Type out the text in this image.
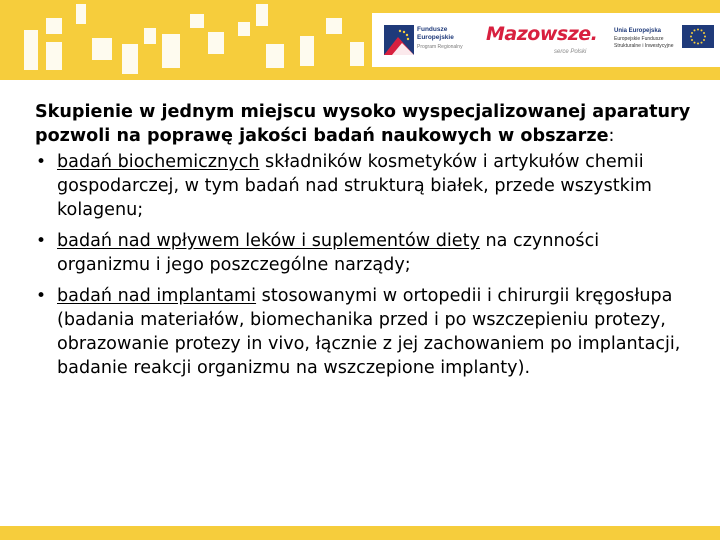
Fundusze
Europejskie
Program Regionalny
Mazowsze.
serce Polski
Unia Europejska
Europejskie Fundusze
Strukturalne i Inwestycyjne

Skupienie w jednym miejscu wysoko wyspecjalizowanej aparatury pozwoli na poprawę jakości badań naukowych w obszarze:

• badań biochemicznych składników kosmetyków i artykułów chemii gospodarczej, w tym badań nad strukturą białek, przede wszystkim kolagenu;
• badań nad wpływem leków i suplementów diety na czynności organizmu i jego poszczególne narządy;
• badań nad implantami stosowanymi w ortopedii i chirurgii kręgosłupa (badania materiałów, biomechanika przed i po wszczepieniu protezy, obrazowanie protezy in vivo, łącznie z jej zachowaniem po implantacji, badanie reakcji organizmu na wszczepione implanty).
